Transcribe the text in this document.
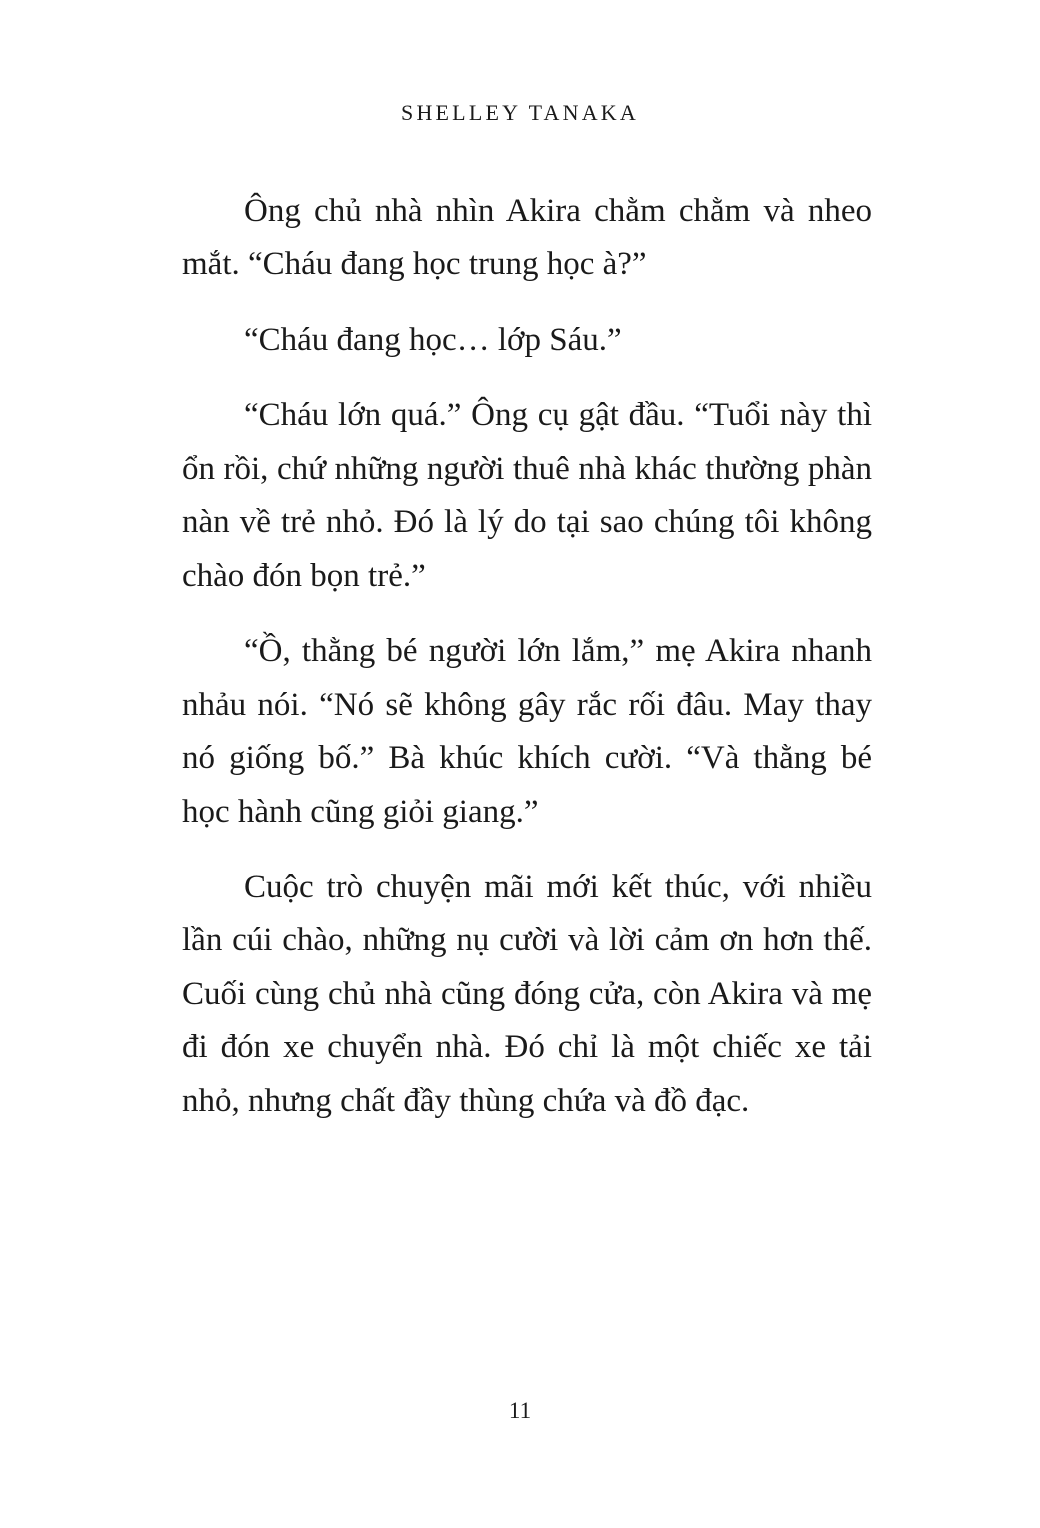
SHELLEY TANAKA

Ông chủ nhà nhìn Akira chằm chằm và nheo mắt. “Cháu đang học trung học à?”

“Cháu đang học… lớp Sáu.”

“Cháu lớn quá.” Ông cụ gật đầu. “Tuổi này thì ổn rồi, chứ những người thuê nhà khác thường phàn nàn về trẻ nhỏ. Đó là lý do tại sao chúng tôi không chào đón bọn trẻ.”

“Ồ, thằng bé người lớn lắm,” mẹ Akira nhanh nhảu nói. “Nó sẽ không gây rắc rối đâu. May thay nó giống bố.” Bà khúc khích cười. “Và thằng bé học hành cũng giỏi giang.”

Cuộc trò chuyện mãi mới kết thúc, với nhiều lần cúi chào, những nụ cười và lời cảm ơn hơn thế. Cuối cùng chủ nhà cũng đóng cửa, còn Akira và mẹ đi đón xe chuyển nhà. Đó chỉ là một chiếc xe tải nhỏ, nhưng chất đầy thùng chứa và đồ đạc.

11
